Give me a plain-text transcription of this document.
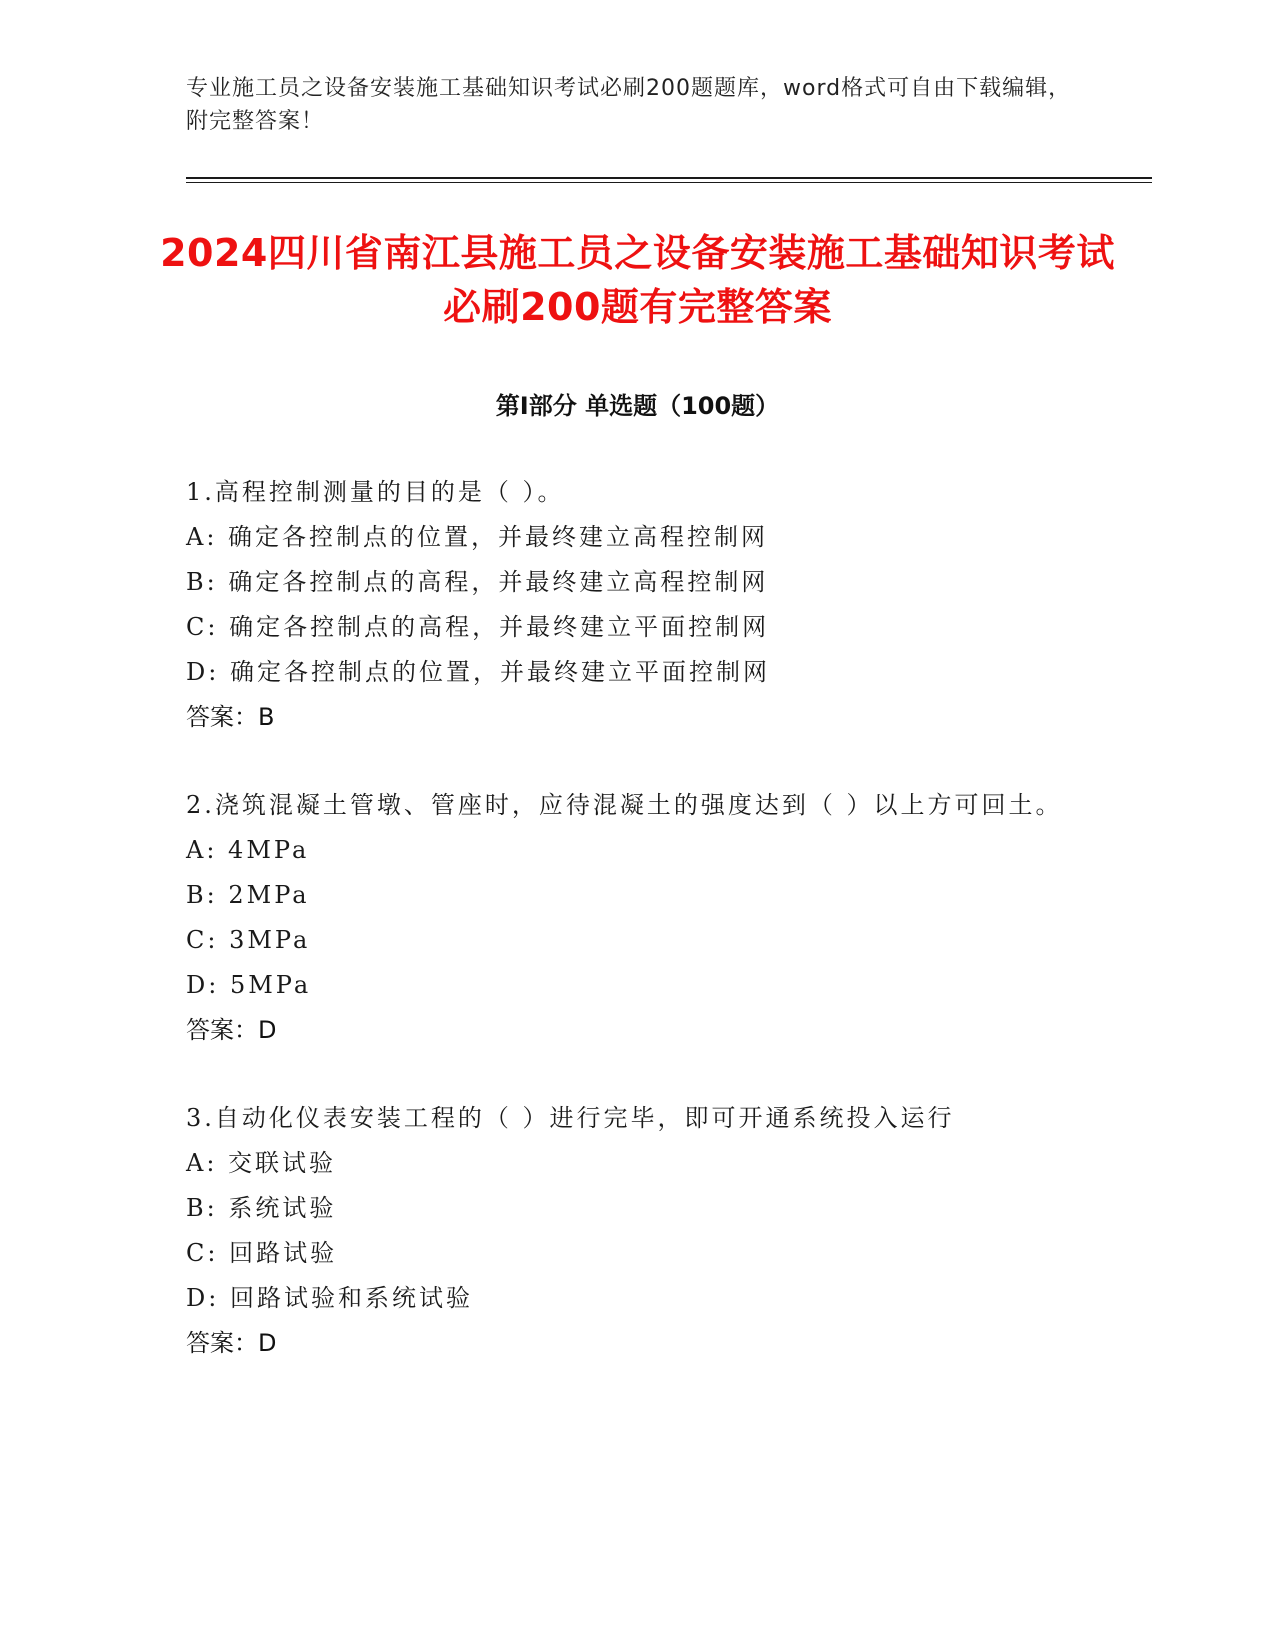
专业施工员之设备安装施工基础知识考试必刷200题题库，word格式可自由下载编辑，附完整答案！
2024四川省南江县施工员之设备安装施工基础知识考试必刷200题有完整答案
第Ⅰ部分 单选题（100题）
1.高程控制测量的目的是（ ）。
A: 确定各控制点的位置，并最终建立高程控制网
B: 确定各控制点的高程，并最终建立高程控制网
C: 确定各控制点的高程，并最终建立平面控制网
D: 确定各控制点的位置，并最终建立平面控制网
答案：B
2.浇筑混凝土管墩、管座时，应待混凝土的强度达到（ ）以上方可回土。
A: 4MPa
B: 2MPa
C: 3MPa
D: 5MPa
答案：D
3.自动化仪表安装工程的（ ）进行完毕，即可开通系统投入运行
A: 交联试验
B: 系统试验
C: 回路试验
D: 回路试验和系统试验
答案：D
